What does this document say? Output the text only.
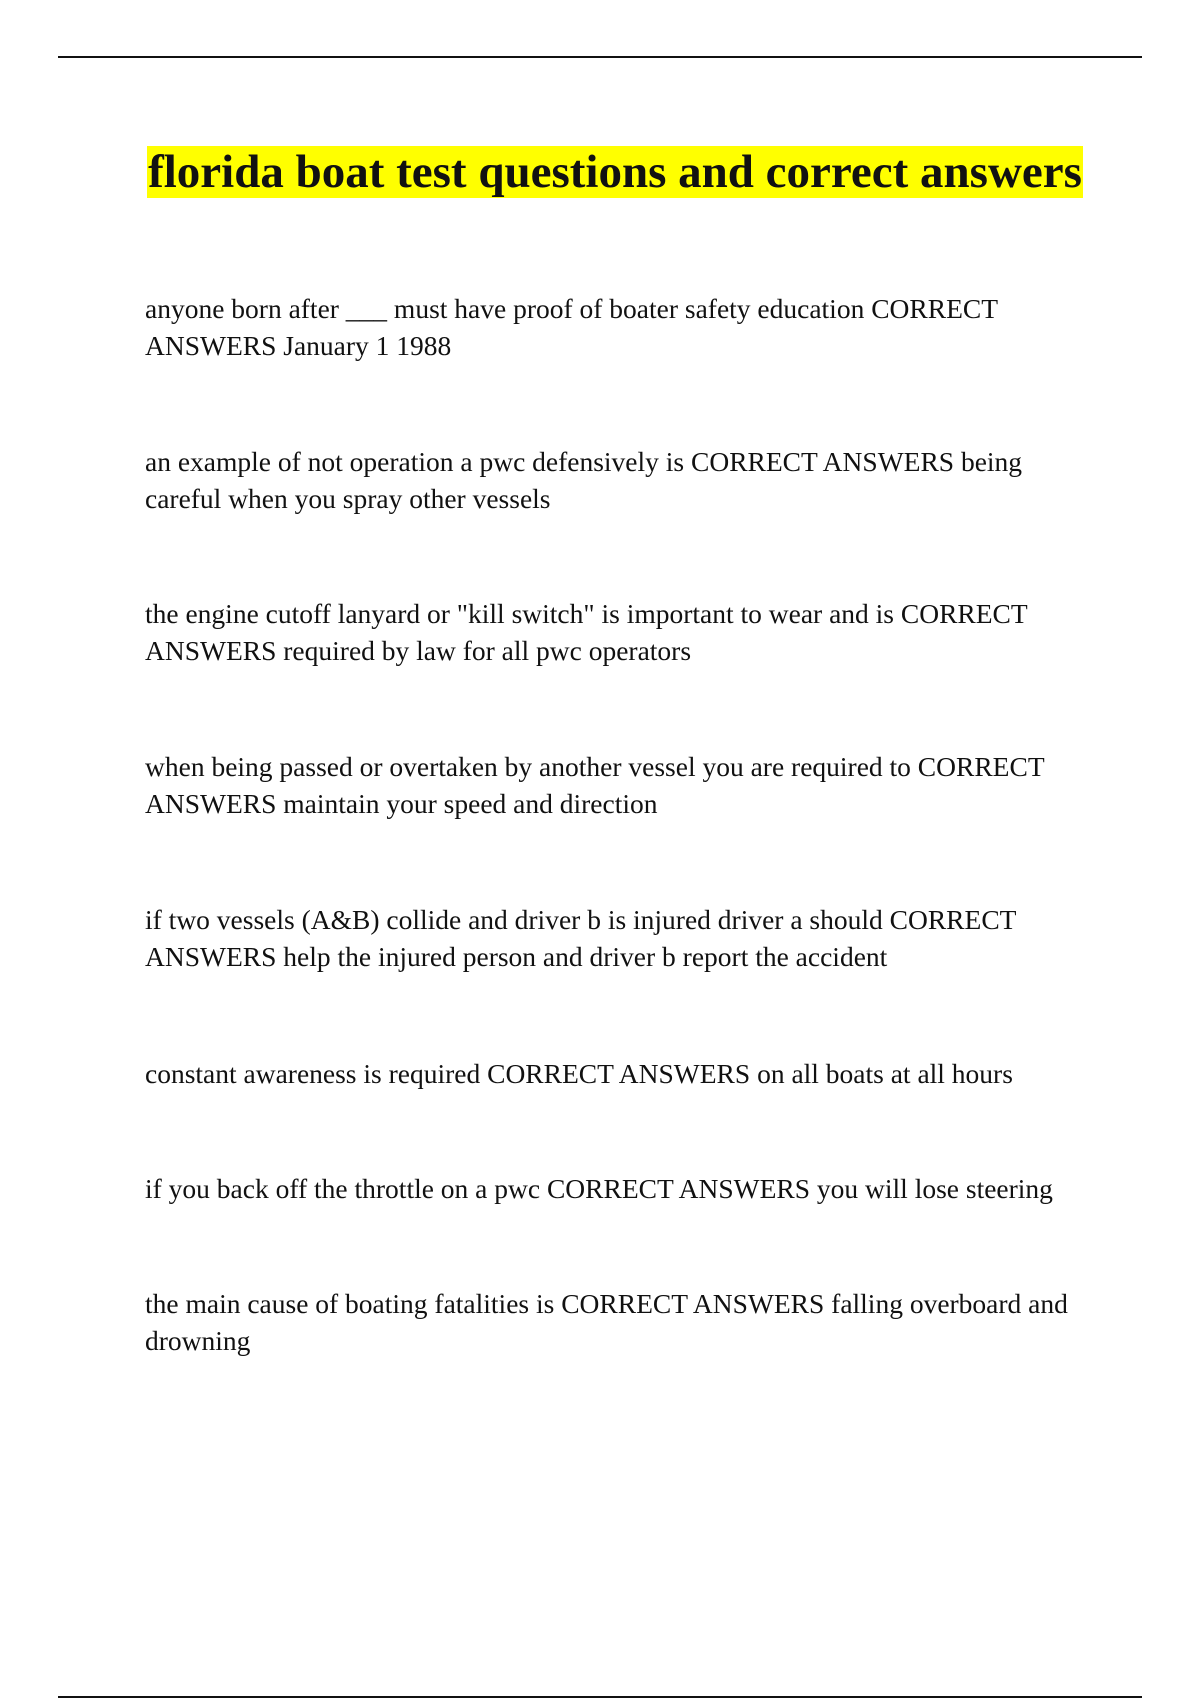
florida boat test questions and correct answers

anyone born after ___ must have proof of boater safety education CORRECT ANSWERS January 1 1988

an example of not operation a pwc defensively is CORRECT ANSWERS being careful when you spray other vessels

the engine cutoff lanyard or "kill switch" is important to wear and is CORRECT ANSWERS required by law for all pwc operators

when being passed or overtaken by another vessel you are required to CORRECT ANSWERS maintain your speed and direction

if two vessels (A&B) collide and driver b is injured driver a should CORRECT ANSWERS help the injured person and driver b report the accident

constant awareness is required CORRECT ANSWERS on all boats at all hours

if you back off the throttle on a pwc CORRECT ANSWERS you will lose steering

the main cause of boating fatalities is CORRECT ANSWERS falling overboard and drowning
